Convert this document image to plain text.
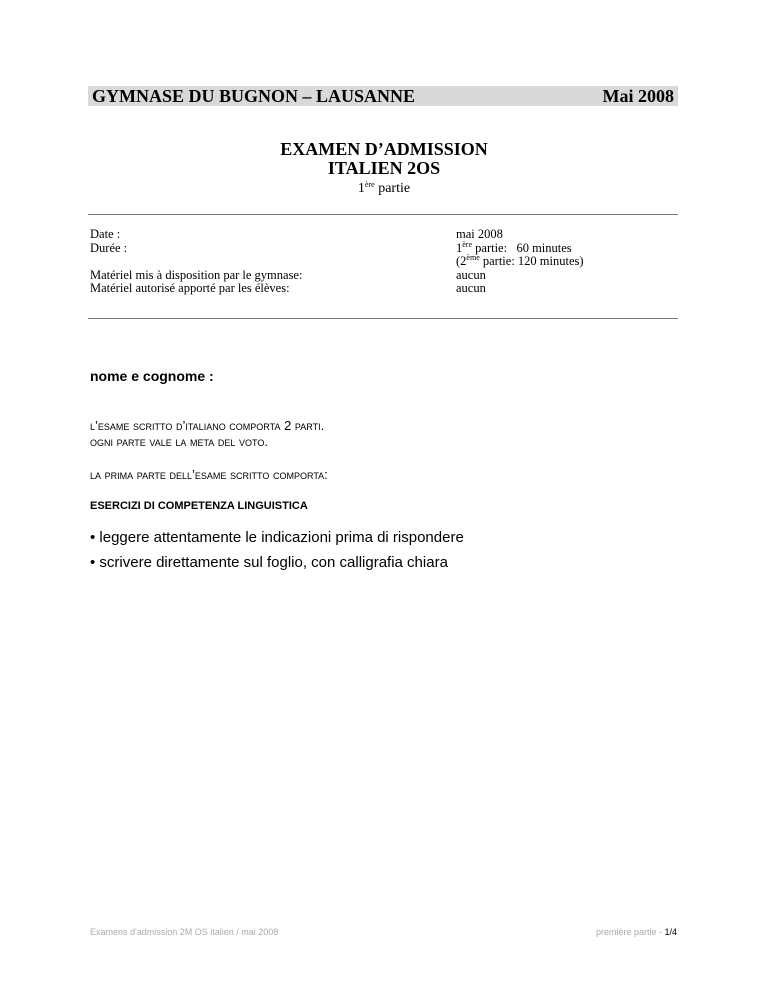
GYMNASE DU BUGNON – LAUSANNE	Mai 2008
EXAMEN D’ADMISSION
ITALIEN 2OS
1ère partie
Date :
Durée :
Matériel mis à disposition par le gymnase:
Matériel autorisé apporté par les élèves:
mai 2008
1ère partie:   60 minutes
(2ème partie: 120 minutes)
aucun
aucun
nome e cognome :
l’esame scritto d’italiano comporta 2 parti.
ogni parte vale la meta del voto.
la prima parte dell’esame scritto comporta:
ESERCIZI DI COMPETENZA LINGUISTICA
• leggere attentamente le indicazioni prima di rispondere
• scrivere direttamente sul foglio, con calligrafia chiara
Examens d'admission 2M OS italien / mai 2008	première partie - 1/4
